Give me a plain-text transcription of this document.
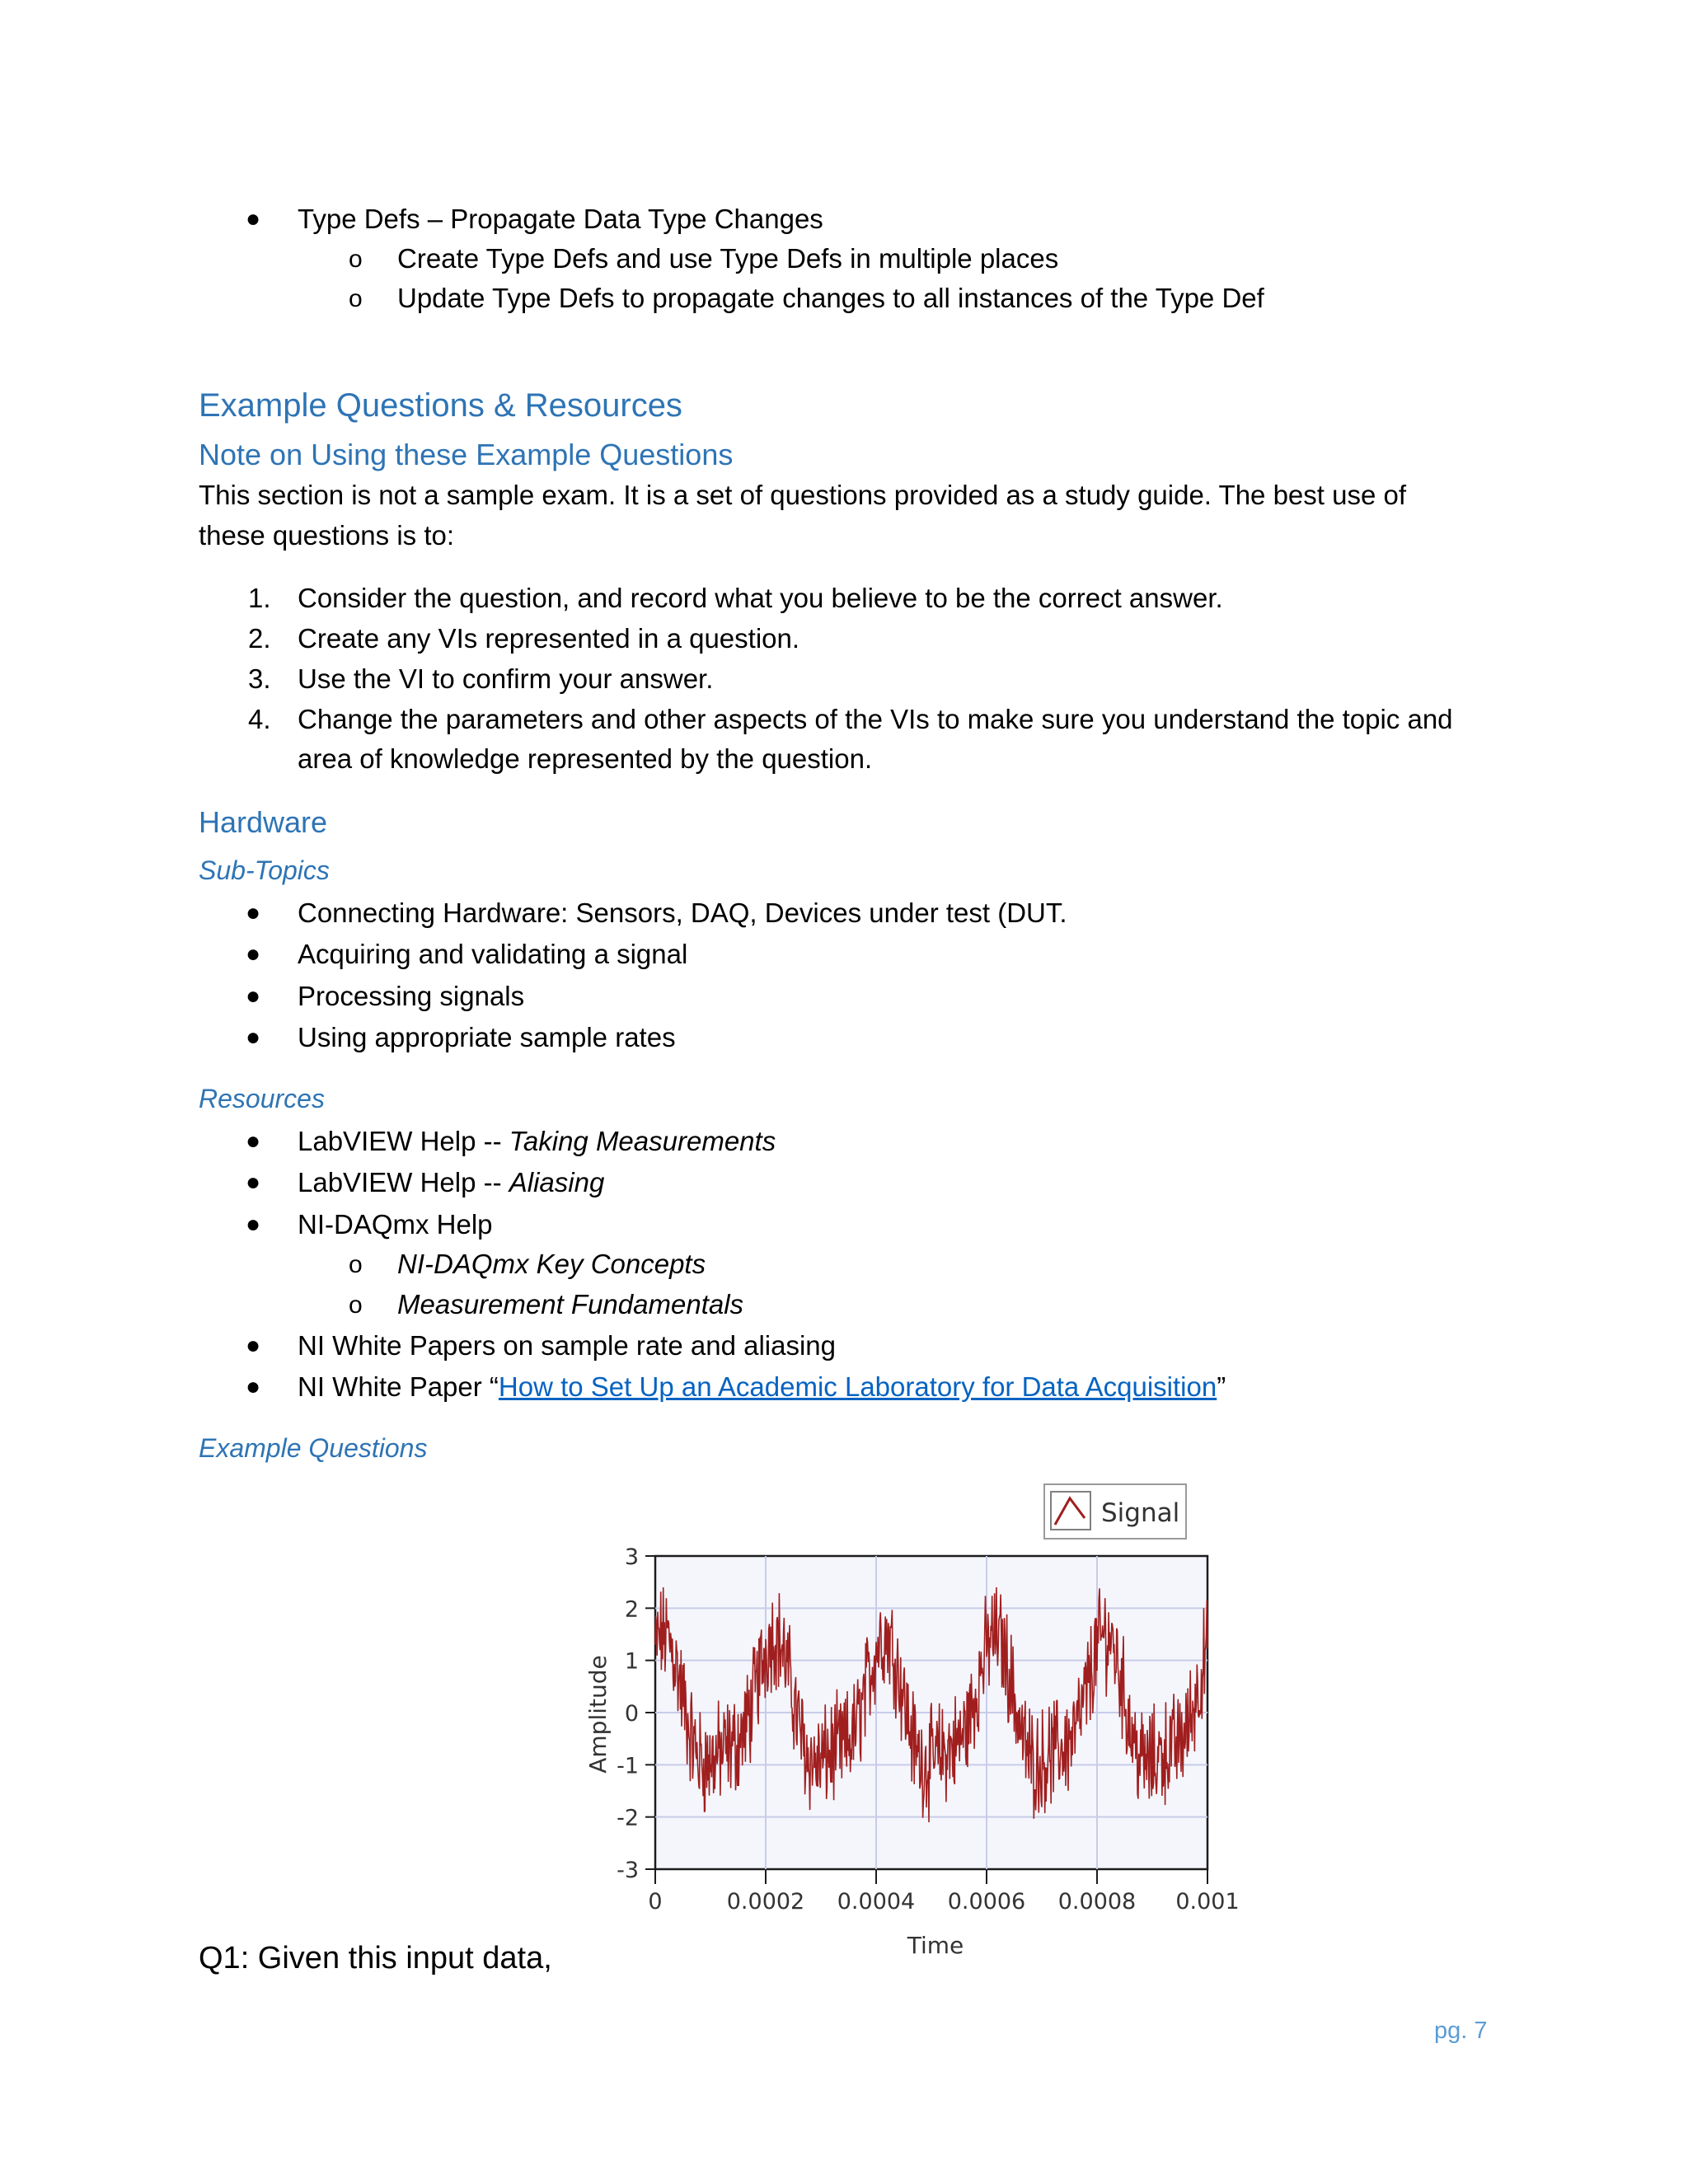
● Type Defs – Propagate Data Type Changes
o Create Type Defs and use Type Defs in multiple places
o Update Type Defs to propagate changes to all instances of the Type Def
Example Questions & Resources
Note on Using these Example Questions
This section is not a sample exam. It is a set of questions provided as a study guide. The best use of
these questions is to:
1. Consider the question, and record what you believe to be the correct answer.
2. Create any VIs represented in a question.
3. Use the VI to confirm your answer.
4. Change the parameters and other aspects of the VIs to make sure you understand the topic and
area of knowledge represented by the question.
Hardware
Sub-Topics
● Connecting Hardware: Sensors, DAQ, Devices under test (DUT.
● Acquiring and validating a signal
● Processing signals
● Using appropriate sample rates
Resources
● LabVIEW Help -- Taking Measurements
● LabVIEW Help -- Aliasing
● NI-DAQmx Help
o NI-DAQmx Key Concepts
o Measurement Fundamentals
● NI White Papers on sample rate and aliasing
● NI White Paper “How to Set Up an Academic Laboratory for Data Acquisition”
Example Questions
Signal
3
2
1
0
-1
-2
-3
0	0.0002 0.0004 0.0006 0.0008 0.001
Amplitude
Time
Q1: Given this input data,
pg. 7
